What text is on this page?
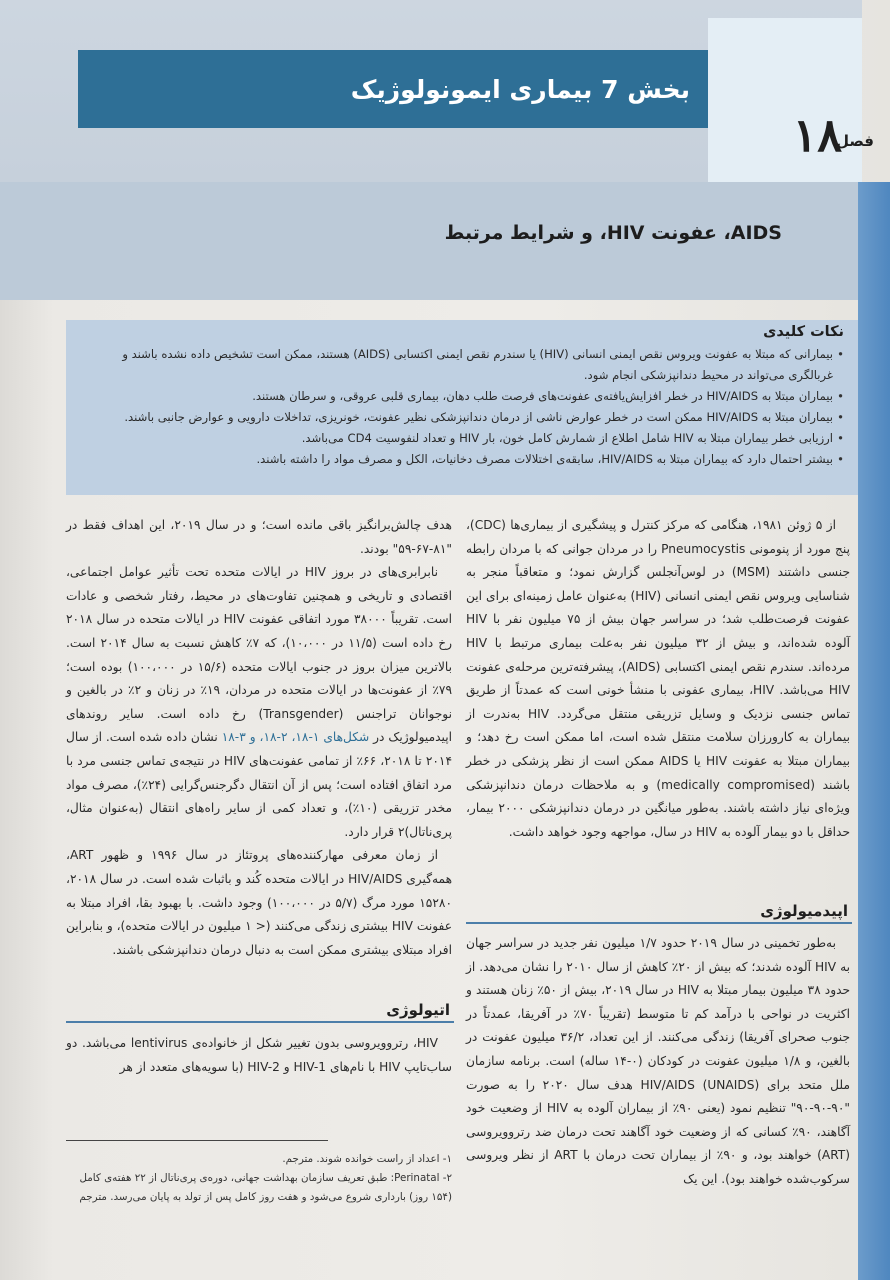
بخش 7 بیماری ایمونولوژیک
فصل
۱۸
AIDS، عفونت HIV، و شرایط مرتبط
نکات کلیدی
• بیمارانی که مبتلا به عفونت ویروس نقص ایمنی انسانی (HIV) یا سندرم نقص ایمنی اکتسابی (AIDS) هستند، ممکن است تشخیص داده نشده باشند و غربالگری می‌تواند در محیط دندانپزشکی انجام شود.
• بیماران مبتلا به HIV/AIDS در خطر افزایش‌یافته‌ی عفونت‌های فرصت طلب دهان، بیماری قلبی عروقی، و سرطان هستند.
• بیماران مبتلا به HIV/AIDS ممکن است در خطر عوارض ناشی از درمان دندانپزشکی نظیر عفونت، خونریزی، تداخلات دارویی و عوارض جانبی باشند.
• ارزیابی خطر بیماران مبتلا به HIV شامل اطلاع از شمارش کامل خون، بار HIV و تعداد لنفوسیت CD4 می‌باشد.
• بیشتر احتمال دارد که بیماران مبتلا به HIV/AIDS، سابقه‌ی اختلالات مصرف دخانیات، الکل و مصرف مواد را داشته باشند.

از ۵ ژوئن ۱۹۸۱، هنگامی که مرکز کنترل و پیشگیری از بیماری‌ها (CDC)، پنج مورد از پنومونی Pneumocystis را در مردان جوانی که با مردان رابطه جنسی داشتند (MSM) در لوس‌آنجلس گزارش نمود؛ و متعاقباً منجر به شناسایی ویروس نقص ایمنی انسانی (HIV) به‌عنوان عامل زمینه‌ای برای این عفونت فرصت‌طلب شد؛ در سراسر جهان بیش از ۷۵ میلیون نفر با HIV آلوده شده‌اند، و بیش از ۳۲ میلیون نفر به‌علت بیماری مرتبط با HIV مرده‌اند. سندرم نقص ایمنی اکتسابی (AIDS)، پیشرفته‌ترین مرحله‌ی عفونت HIV می‌باشد. HIV، بیماری عفونی با منشأ خونی است که عمدتاً از طریق تماس جنسی نزدیک و وسایل تزریقی منتقل می‌گردد. HIV به‌ندرت از بیماران به کارورزان سلامت منتقل شده است، اما ممکن است رخ دهد؛ و بیماران مبتلا به عفونت HIV یا AIDS ممکن است از نظر پزشکی در خطر باشند (medically compromised) و به ملاحظات درمان دندانپزشکی ویژه‌ای نیاز داشته باشند. به‌طور میانگین در درمان دندانپزشکی ۲۰۰۰ بیمار، حداقل با دو بیمار آلوده به HIV در سال، مواجهه وجود خواهد داشت.

اپیدمیولوژی

به‌طور تخمینی در سال ۲۰۱۹ حدود ۱/۷ میلیون نفر جدید در سراسر جهان به HIV آلوده شدند؛ که بیش از ۲۰٪ کاهش از سال ۲۰۱۰ را نشان می‌دهد. از حدود ۳۸ میلیون بیمار مبتلا به HIV در سال ۲۰۱۹، بیش از ۵۰٪ زنان هستند و اکثریت در نواحی با درآمد کم تا متوسط (تقریباً ۷۰٪ در آفریقا، عمدتاً در جنوب صحرای آفریقا) زندگی می‌کنند. از این تعداد، ۳۶/۲ میلیون عفونت در بالغین، و ۱/۸ میلیون عفونت در کودکان (۰-۱۴ ساله) است. برنامه سازمان ملل متحد برای HIV/AIDS (UNAIDS) هدف سال ۲۰۲۰ را به صورت "۹۰-۹۰-۹۰" تنظیم نمود (یعنی ۹۰٪ از بیماران آلوده به HIV از وضعیت خود آگاهند، ۹۰٪ کسانی که از وضعیت خود آگاهند تحت درمان ضد رتروویروسی (ART) خواهند بود، و ۹۰٪ از بیماران تحت درمان با ART از نظر ویروسی سرکوب‌شده خواهند بود). این یک

هدف چالش‌برانگیز باقی مانده است؛ و در سال ۲۰۱۹، این اهداف فقط در "۸۱-۶۷-۵۹" بودند.

نابرابری‌های در بروز HIV در ایالات متحده تحت تأثیر عوامل اجتماعی، اقتصادی و تاریخی و همچنین تفاوت‌های در محیط، رفتار شخصی و عادات است. تقریباً ۳۸۰۰۰ مورد اتفاقی عفونت HIV در ایالات متحده در سال ۲۰۱۸ رخ داده است (۱۱/۵ در ۱۰،۰۰۰)، که ۷٪ کاهش نسبت به سال ۲۰۱۴ است. بالاترین میزان بروز در جنوب ایالات متحده (۱۵/۶ در ۱۰۰،۰۰۰) بوده است؛ ۷۹٪ از عفونت‌ها در ایالات متحده در مردان، ۱۹٪ در زنان و ۲٪ در بالغین و نوجوانان تراجنس (Transgender) رخ داده است. سایر روندهای اپیدمیولوژیک در شکل‌های ۱-۱۸، ۲-۱۸، و ۳-۱۸ نشان داده شده است. از سال ۲۰۱۴ تا ۲۰۱۸، ۶۶٪ از تمامی عفونت‌های HIV در نتیجه‌ی تماس جنسی مرد با مرد اتفاق افتاده است؛ پس از آن انتقال دگرجنس‌گرایی (۲۴٪)، مصرف مواد مخدر تزریقی (۱۰٪)، و تعداد کمی از سایر راه‌های انتقال (به‌عنوان مثال، پری‌ناتال)۲ قرار دارد.

از زمان معرفی مهارکننده‌های پروتئاز در سال ۱۹۹۶ و ظهور ART، همه‌گیری HIV/AIDS در ایالات متحده کُند و باثبات شده است. در سال ۲۰۱۸، ۱۵۲۸۰ مورد مرگ (۵/۷ در ۱۰۰،۰۰۰) وجود داشت. با بهبود بقا، افراد مبتلا به عفونت HIV بیشتری زندگی می‌کنند (< ۱ میلیون در ایالات متحده)، و بنابراین افراد مبتلای بیشتری ممکن است به دنبال درمان دندانپزشکی باشند.

اتیولوژی

HIV، رتروویروسی بدون تغییر شکل از خانواده‌ی lentivirus می‌باشد. دو ساب‌تایپ HIV با نام‌های HIV-1 و HIV-2 (با سویه‌های متعدد از هر

۱- اعداد از راست خوانده شوند. مترجم.
۲- Perinatal: طبق تعریف سازمان بهداشت جهانی، دوره‌ی پری‌ناتال از ۲۲ هفته‌ی کامل (۱۵۴ روز) بارداری شروع می‌شود و هفت روز کامل پس از تولد به پایان می‌رسد. مترجم
